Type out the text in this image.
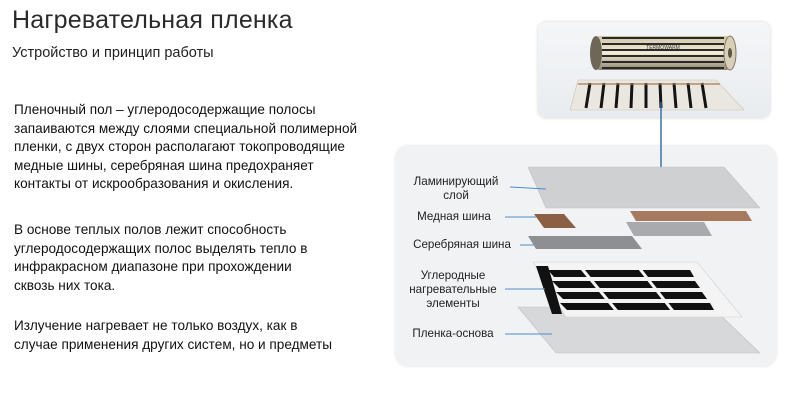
Нагревательная пленка
Устройство и принцип работы
Пленочный пол – углеродосодержащие полосы
запаиваются между слоями специальной полимерной
пленки, с двух сторон располагают токопроводящие
медные шины, серебряная шина предохраняет
контакты от искрообразования и окисления.
В основе теплых полов лежит способность
углеродосодержащих полос выделять тепло в
инфракрасном диапазоне при прохождении
сквозь них тока.
Излучение нагревает не только воздух, как в
случае применения других систем, но и предметы
TERMOWARM
Ламинирующий
слой
Медная шина
Серебряная шина
Углеродные
нагревательные
элементы
Пленка-основа
